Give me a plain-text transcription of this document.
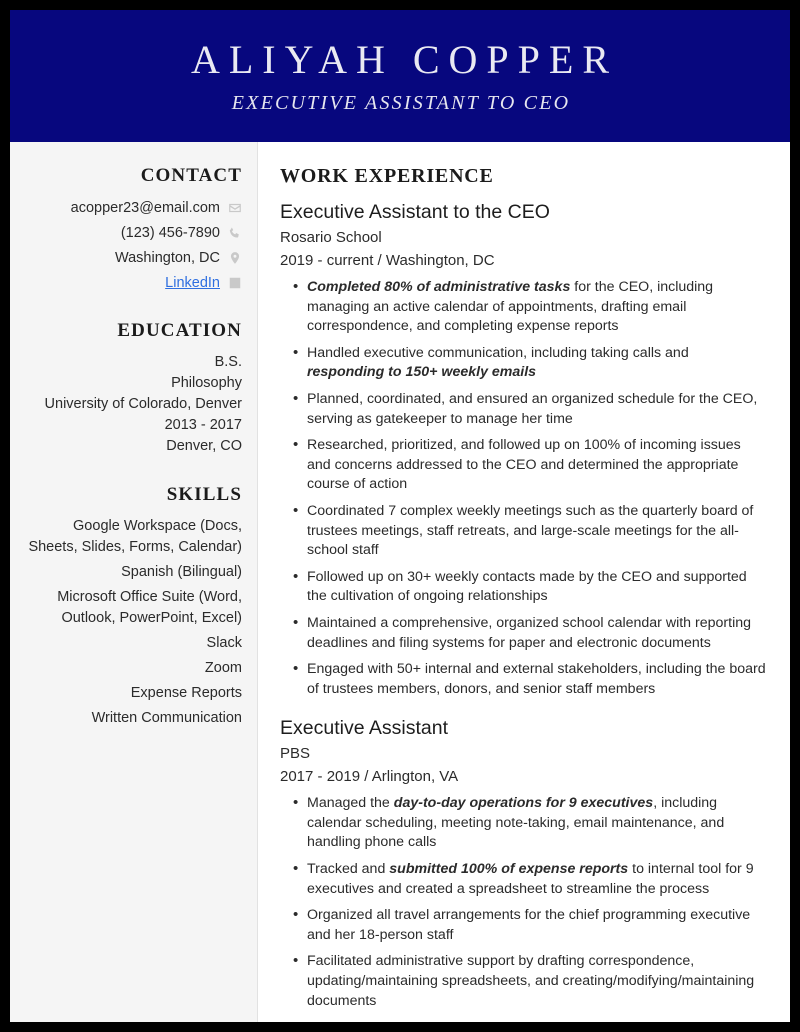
ALIYAH COPPER
EXECUTIVE ASSISTANT TO CEO
CONTACT
acopper23@email.com
(123) 456-7890
Washington, DC
LinkedIn
EDUCATION
B.S.
Philosophy
University of Colorado, Denver
2013 - 2017
Denver, CO
SKILLS
Google Workspace (Docs, Sheets, Slides, Forms, Calendar)
Spanish (Bilingual)
Microsoft Office Suite (Word, Outlook, PowerPoint, Excel)
Slack
Zoom
Expense Reports
Written Communication
WORK EXPERIENCE
Executive Assistant to the CEO
Rosario School
2019 - current / Washington, DC
• Completed 80% of administrative tasks for the CEO, including managing an active calendar of appointments, drafting email correspondence, and completing expense reports
• Handled executive communication, including taking calls and responding to 150+ weekly emails
• Planned, coordinated, and ensured an organized schedule for the CEO, serving as gatekeeper to manage her time
• Researched, prioritized, and followed up on 100% of incoming issues and concerns addressed to the CEO and determined the appropriate course of action
• Coordinated 7 complex weekly meetings such as the quarterly board of trustees meetings, staff retreats, and large-scale meetings for the all-school staff
• Followed up on 30+ weekly contacts made by the CEO and supported the cultivation of ongoing relationships
• Maintained a comprehensive, organized school calendar with reporting deadlines and filing systems for paper and electronic documents
• Engaged with 50+ internal and external stakeholders, including the board of trustees members, donors, and senior staff members
Executive Assistant
PBS
2017 - 2019 / Arlington, VA
• Managed the day-to-day operations for 9 executives, including calendar scheduling, meeting note-taking, email maintenance, and handling phone calls
• Tracked and submitted 100% of expense reports to internal tool for 9 executives and created a spreadsheet to streamline the process
• Organized all travel arrangements for the chief programming executive and her 18-person staff
• Facilitated administrative support by drafting correspondence, updating/maintaining spreadsheets, and creating/modifying/maintaining documents
